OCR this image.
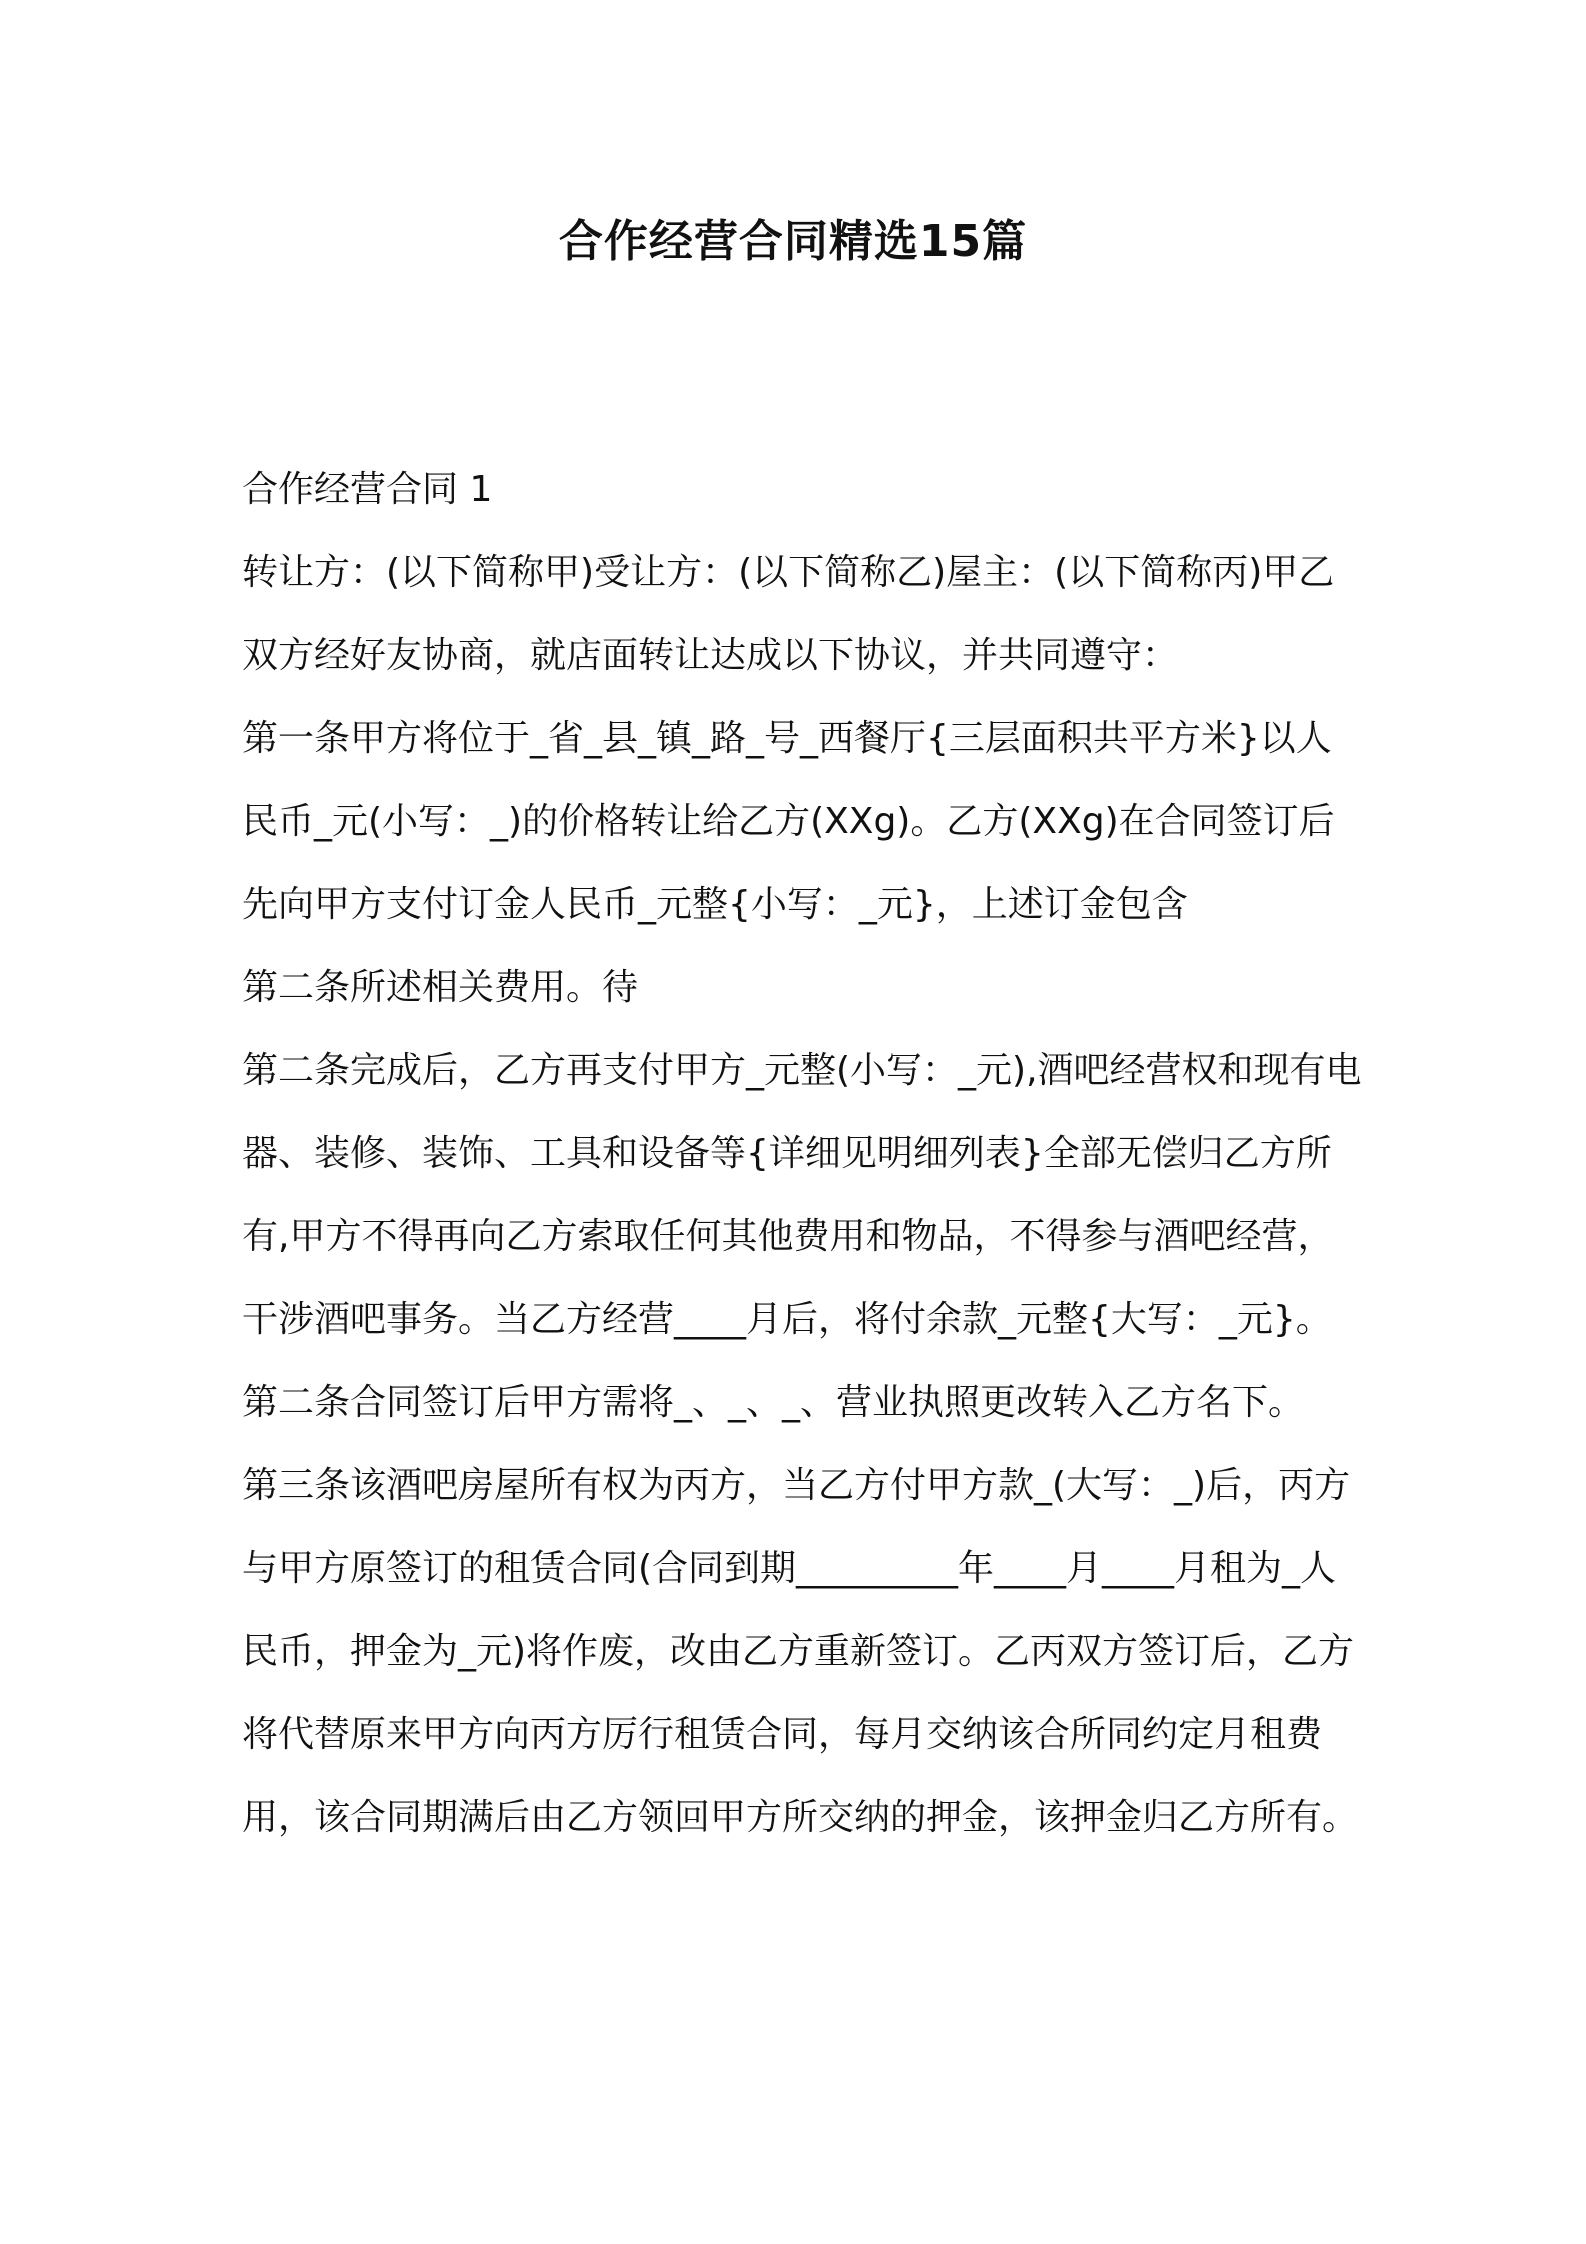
合作经营合同精选15篇
合作经营合同 1

转让方：(以下简称甲)受让方：(以下简称乙)屋主：(以下简称丙)甲乙双方经好友协商，就店面转让达成以下协议，并共同遵守：

第一条甲方将位于_省_县_镇_路_号_西餐厅{三层面积共平方米}以人民币_元(小写：_)的价格转让给乙方(XXg)。乙方(XXg)在合同签订后先向甲方支付订金人民币_元整{小写：_元}，上述订金包含

第二条所述相关费用。待

第二条完成后，乙方再支付甲方_元整(小写：_元),酒吧经营权和现有电器、装修、装饰、工具和设备等{详细见明细列表}全部无偿归乙方所有,甲方不得再向乙方索取任何其他费用和物品，不得参与酒吧经营，干涉酒吧事务。当乙方经营____月后，将付余款_元整{大写：_元}。

第二条合同签订后甲方需将_、_、_、营业执照更改转入乙方名下。

第三条该酒吧房屋所有权为丙方，当乙方付甲方款_(大写：_)后，丙方与甲方原签订的租赁合同(合同到期_________年____月____月租为_人民币，押金为_元)将作废，改由乙方重新签订。乙丙双方签订后，乙方将代替原来甲方向丙方厉行租赁合同，每月交纳该合所同约定月租费用，该合同期满后由乙方领回甲方所交纳的押金，该押金归乙方所有。
